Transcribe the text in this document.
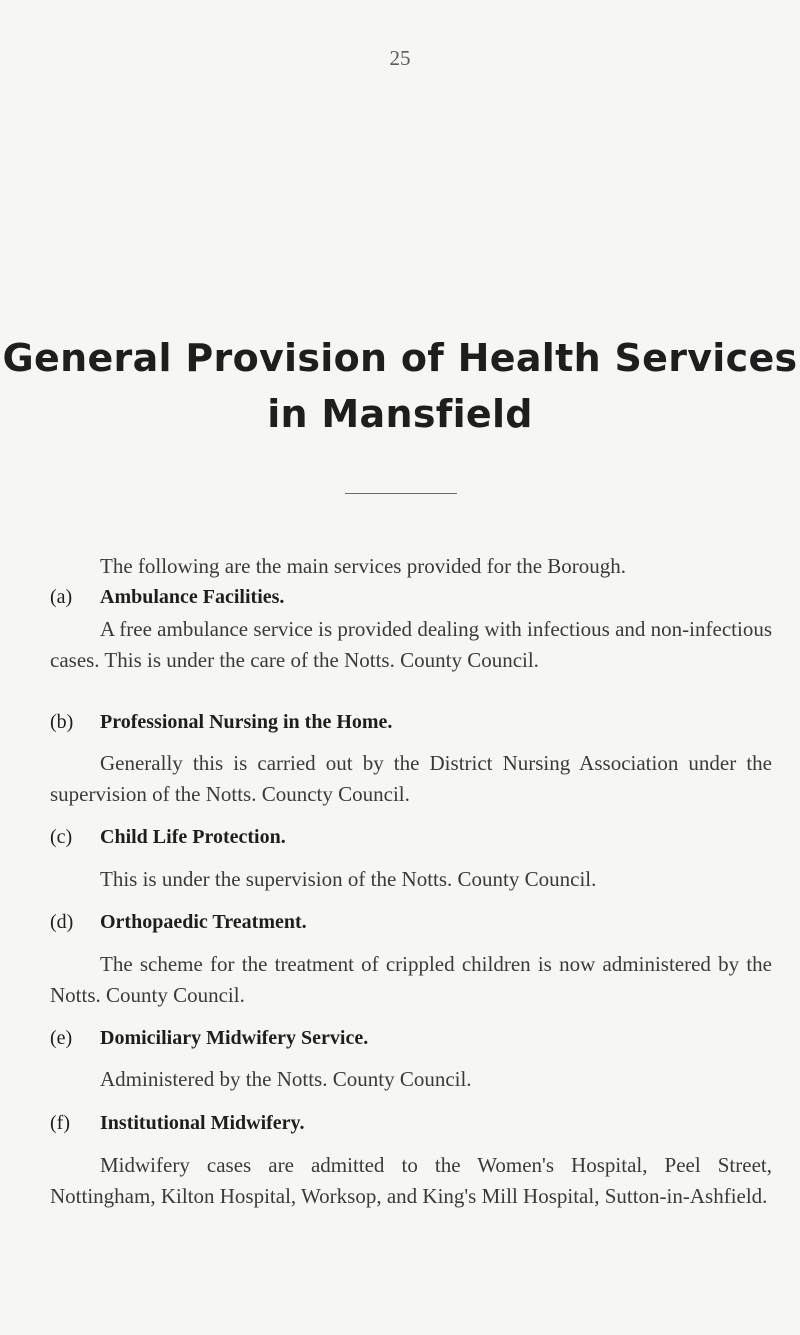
25
General Provision of Health Services
in Mansfield

The following are the main services provided for the Borough.

(a) Ambulance Facilities.

A free ambulance service is provided dealing with infectious and non-infectious cases. This is under the care of the Notts. County Council.

(b) Professional Nursing in the Home.

Generally this is carried out by the District Nursing Association under the supervision of the Notts. Councty Council.

(c) Child Life Protection.

This is under the supervision of the Notts. County Council.

(d) Orthopaedic Treatment.

The scheme for the treatment of crippled children is now administered by the Notts. County Council.

(e) Domiciliary Midwifery Service.

Administered by the Notts. County Council.

(f) Institutional Midwifery.

Midwifery cases are admitted to the Women's Hospital, Peel Street, Nottingham, Kilton Hospital, Worksop, and King's Mill Hospital, Sutton-in-Ashfield.
